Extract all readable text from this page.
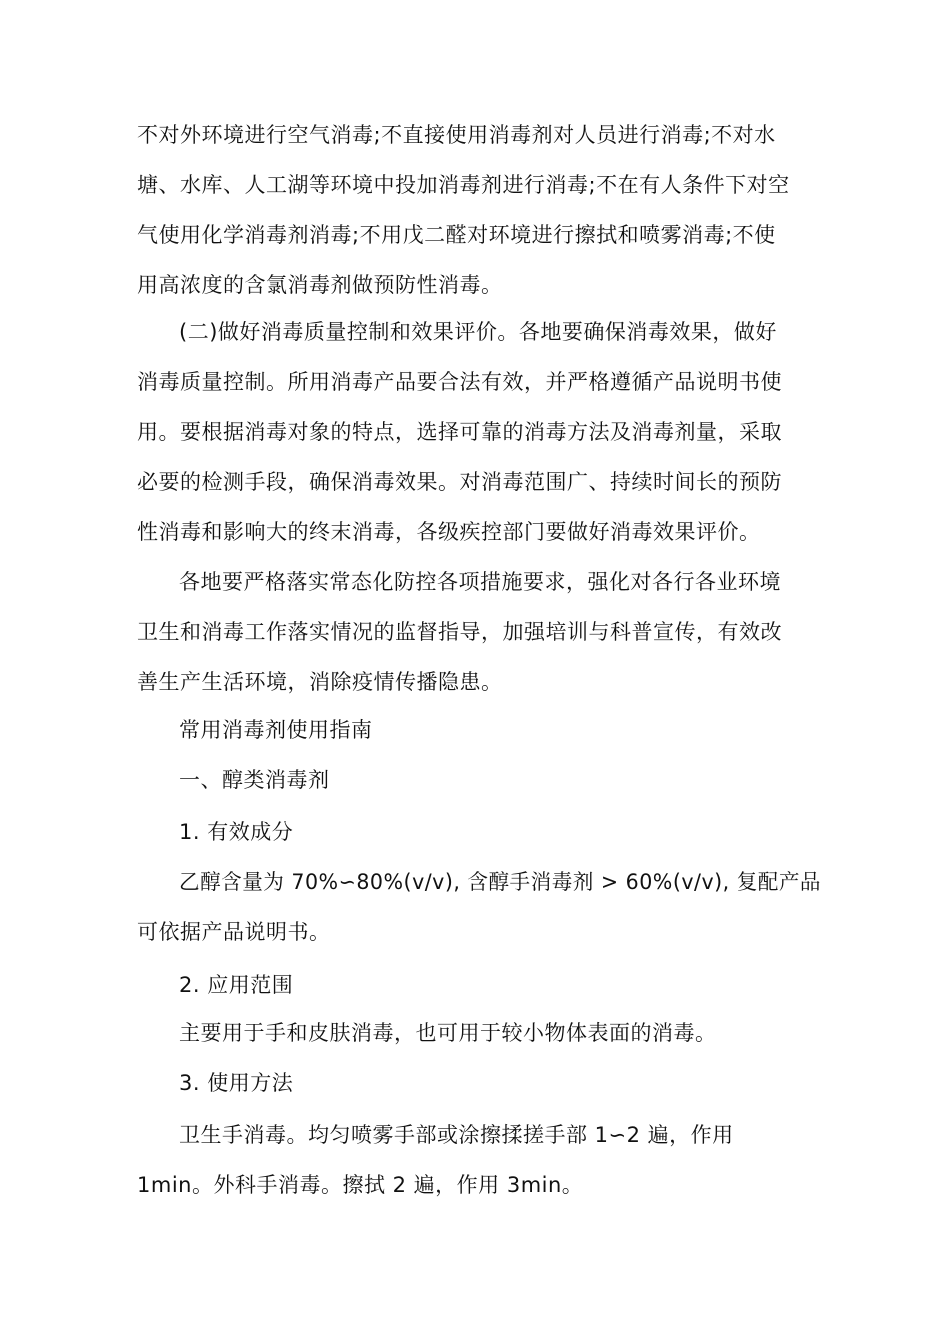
不对外环境进行空气消毒;不直接使用消毒剂对人员进行消毒;不对水
塘、水库、人工湖等环境中投加消毒剂进行消毒;不在有人条件下对空
气使用化学消毒剂消毒;不用戊二醛对环境进行擦拭和喷雾消毒;不使
用高浓度的含氯消毒剂做预防性消毒。
(二)做好消毒质量控制和效果评价。各地要确保消毒效果，做好
消毒质量控制。所用消毒产品要合法有效，并严格遵循产品说明书使
用。要根据消毒对象的特点，选择可靠的消毒方法及消毒剂量，采取
必要的检测手段，确保消毒效果。对消毒范围广、持续时间长的预防
性消毒和影响大的终末消毒，各级疾控部门要做好消毒效果评价。
各地要严格落实常态化防控各项措施要求，强化对各行各业环境
卫生和消毒工作落实情况的监督指导，加强培训与科普宣传，有效改
善生产生活环境，消除疫情传播隐患。
常用消毒剂使用指南
一、醇类消毒剂
1. 有效成分
乙醇含量为 70%∽80%(v/v), 含醇手消毒剂 > 60%(v/v), 复配产品
可依据产品说明书。
2. 应用范围
主要用于手和皮肤消毒，也可用于较小物体表面的消毒。
3. 使用方法
卫生手消毒。均匀喷雾手部或涂擦揉搓手部 1∽2 遍，作用
1min。外科手消毒。擦拭 2 遍，作用 3min。
